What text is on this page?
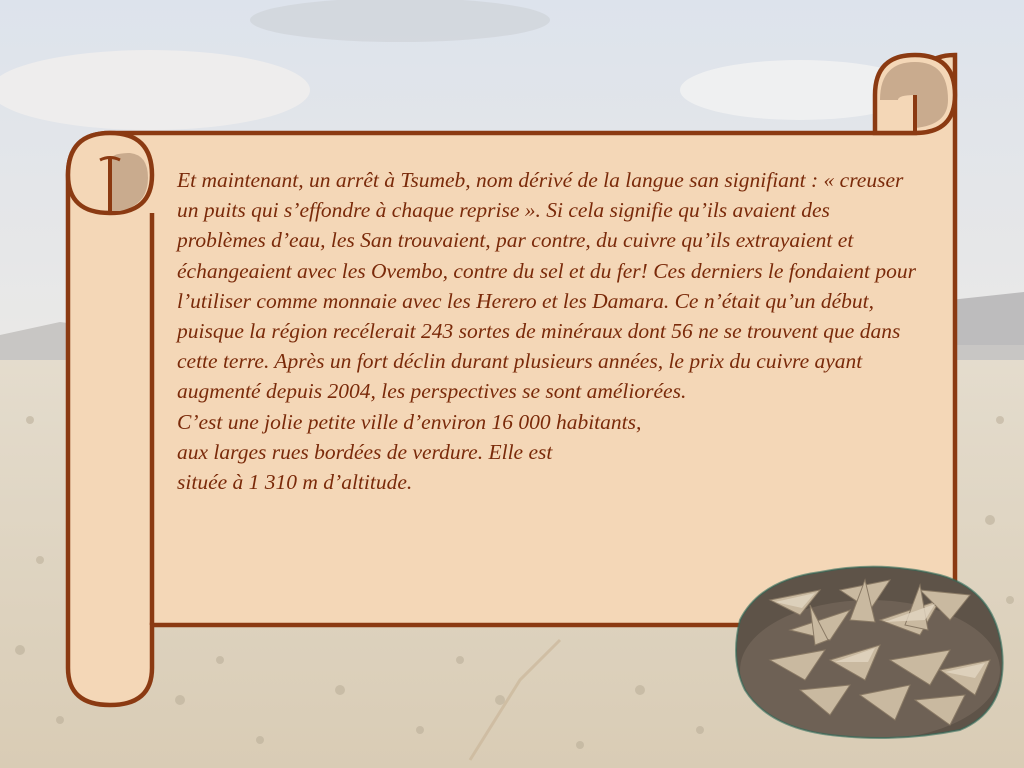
Et maintenant, un arrêt à Tsumeb, nom dérivé de la langue san signifiant : « creuser un puits qui s’effondre à chaque reprise ». Si cela signifie qu’ils avaient des problèmes d’eau, les San trouvaient, par contre, du cuivre qu’ils extrayaient et échangeaient avec les Ovembo, contre du sel et du fer! Ces derniers le fondaient pour l’utiliser comme monnaie avec les Herero et les Damara. Ce n’était qu’un début, puisque la région recélerait 243 sortes de minéraux dont 56 ne se trouvent que dans cette terre. Après un fort déclin durant plusieurs années, le prix du cuivre ayant augmenté depuis 2004, les perspectives se sont améliorées.

C’est une jolie petite ville d’environ 16 000 habitants,

aux larges rues bordées de verdure. Elle est

située à 1 310 m d’altitude.
